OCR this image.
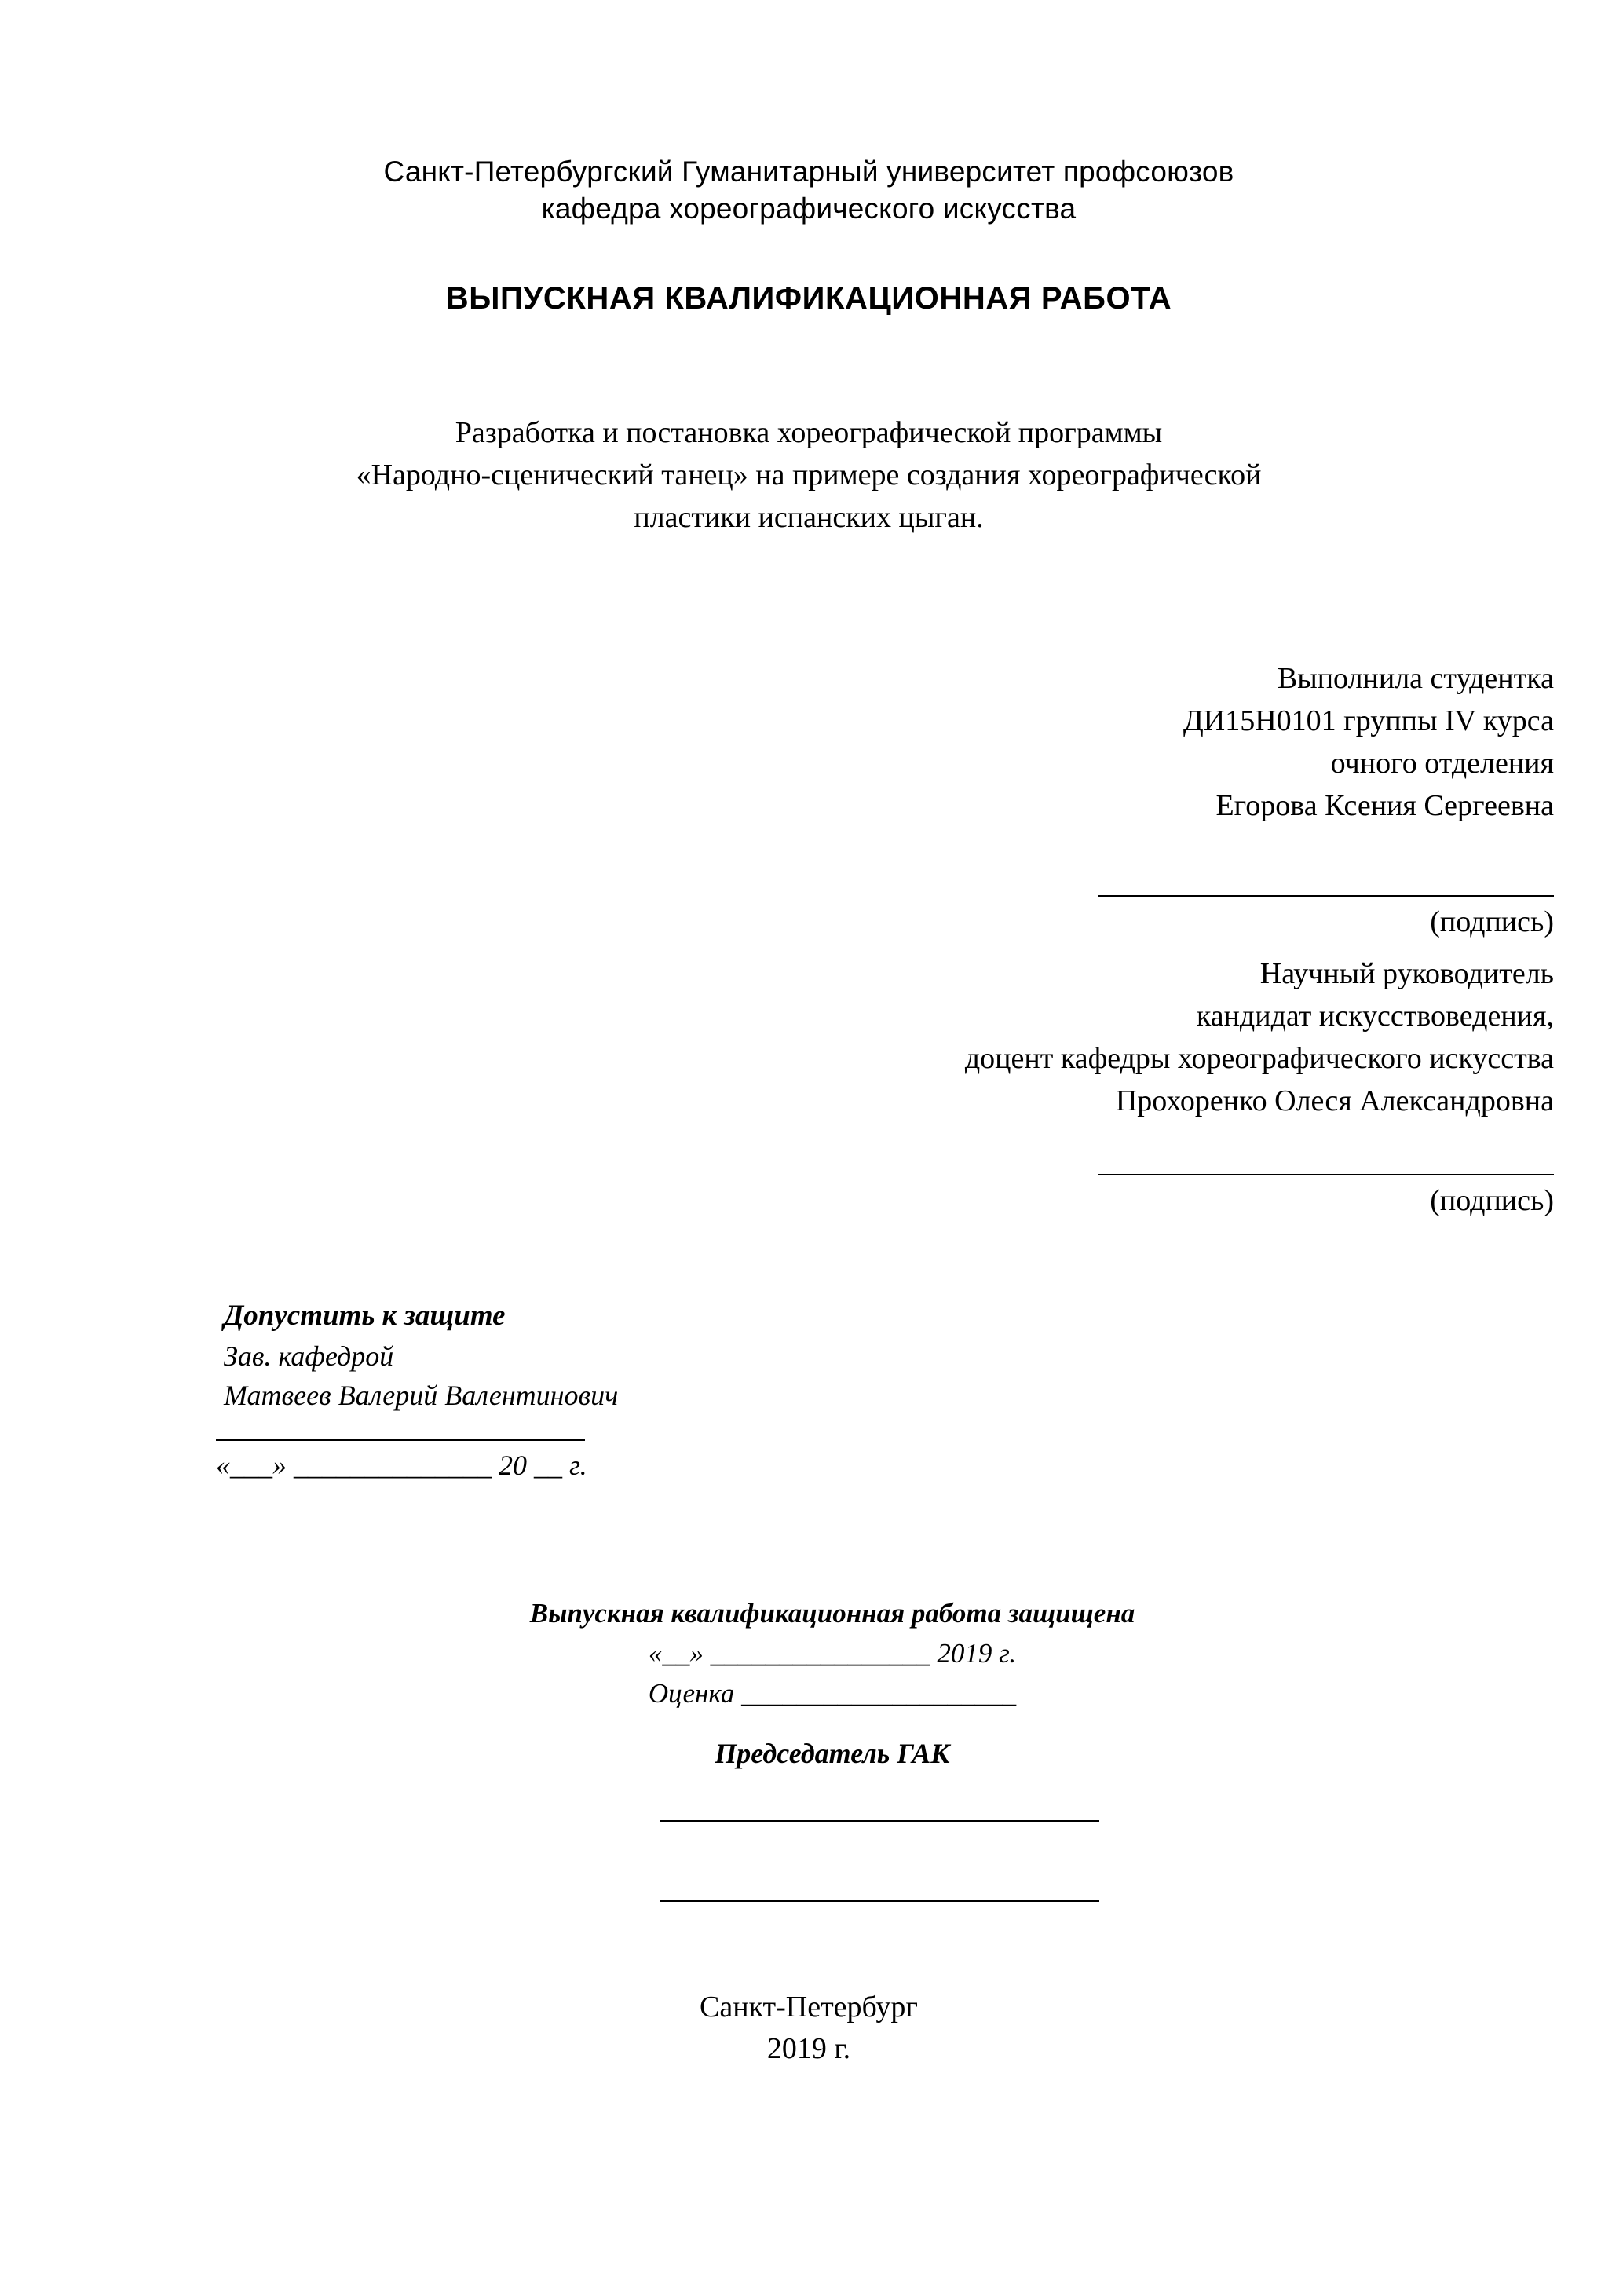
Санкт-Петербургский Гуманитарный университет профсоюзов
кафедра хореографического искусства
ВЫПУСКНАЯ КВАЛИФИКАЦИОННАЯ РАБОТА
Разработка и постановка хореографической программы
«Народно-сценический танец» на примере создания хореографической
пластики испанских цыган.
Выполнила студентка
ДИ15Н0101 группы IV курса
очного отделения
Егорова Ксения Сергеевна
(подпись)
Научный руководитель
кандидат искусствоведения,
доцент кафедры хореографического искусства
Прохоренко Олеся Александровна
(подпись)
Допустить к защите
Зав. кафедрой
Матвеев Валерий Валентинович
«___» ______________ 20 __ г.
Выпускная квалификационная работа защищена
«__» ________________ 2019 г.
Оценка ____________________
Председатель ГАК
Санкт-Петербург
2019 г.
